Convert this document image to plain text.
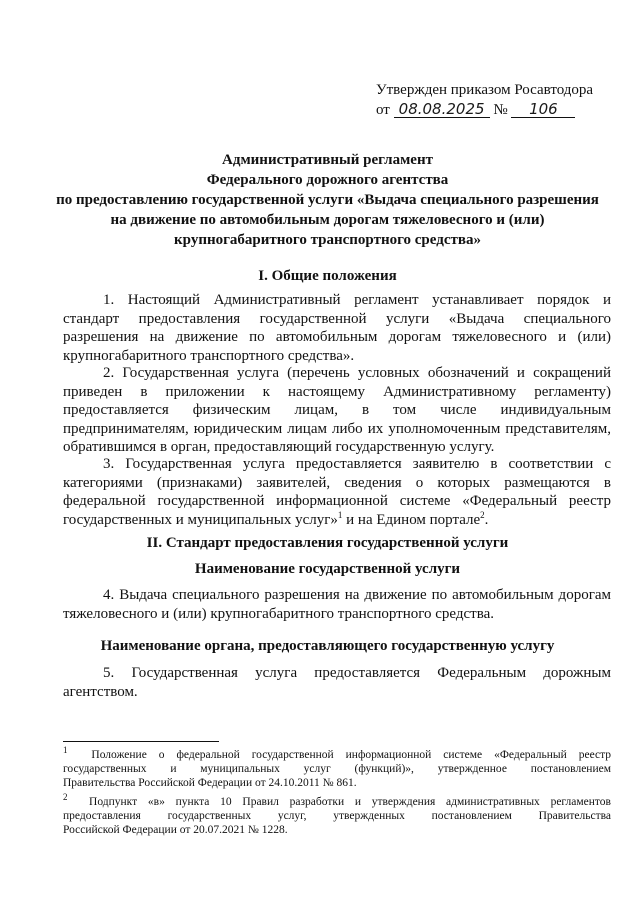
Утвержден приказом Росавтодора
от 08.08.2025 № 106
Административный регламент
Федерального дорожного агентства
по предоставлению государственной услуги «Выдача специального разрешения
на движение по автомобильным дорогам тяжеловесного и (или)
крупногабаритного транспортного средства»
I. Общие положения
1. Настоящий Административный регламент устанавливает порядок и
стандарт предоставления государственной услуги «Выдача специального
разрешения на движение по автомобильным дорогам тяжеловесного и (или)
крупногабаритного транспортного средства».
2. Государственная услуга (перечень условных обозначений и сокращений
приведен в приложении к настоящему Административному регламенту)
предоставляется физическим лицам, в том числе индивидуальным
предпринимателям, юридическим лицам либо их уполномоченным представителям,
обратившимся в орган, предоставляющий государственную услугу.
3. Государственная услуга предоставляется заявителю в соответствии с
категориями (признаками) заявителей, сведения о которых размещаются в
федеральной государственной информационной системе «Федеральный реестр
государственных и муниципальных услуг»$^1$ и на Едином портале$^2$.
II. Стандарт предоставления государственной услуги
Наименование государственной услуги
4. Выдача специального разрешения на движение по автомобильным дорогам
тяжеловесного и (или) крупногабаритного транспортного средства.
Наименование органа, предоставляющего государственную услугу
5. Государственная услуга предоставляется Федеральным дорожным
агентством.
$^1$ Положение о федеральной государственной информационной системе «Федеральный реестр
государственных и муниципальных услуг (функций)», утвержденное постановлением
Правительства Российской Федерации от 24.10.2011 № 861.
$^2$ Подпункт «в» пункта 10 Правил разработки и утверждения административных регламентов
предоставления государственных услуг, утвержденных постановлением Правительства
Российской Федерации от 20.07.2021 № 1228.
